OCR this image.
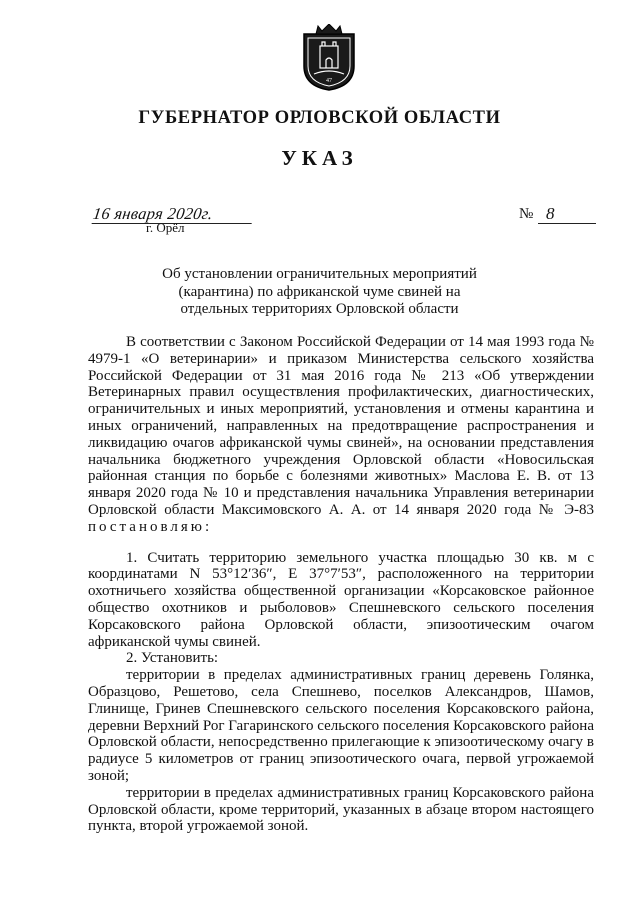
47
ГУБЕРНАТОР ОРЛОВСКОЙ ОБЛАСТИ
УКАЗ
16 января 2020г.
г. Орёл
№ 8
Об установлении ограничительных мероприятий (карантина) по африканской чуме свиней на отдельных территориях Орловской области

В соответствии с Законом Российской Федерации от 14 мая 1993 года № 4979-1 «О ветеринарии» и приказом Министерства сельского хозяйства Российской Федерации от 31 мая 2016 года № 213 «Об утверждении Ветеринарных правил осуществления профилактических, диагностических, ограничительных и иных мероприятий, установления и отмены карантина и иных ограничений, направленных на предотвращение распространения и ликвидацию очагов африканской чумы свиней», на основании представления начальника бюджетного учреждения Орловской области «Новосильская районная станция по борьбе с болезнями животных» Маслова Е. В. от 13 января 2020 года № 10 и представления начальника Управления ветеринарии Орловской области Максимовского А. А. от 14 января 2020 года № Э-83 постановляю:

1. Считать территорию земельного участка площадью 30 кв. м с координатами N 53°12′36″, E 37°7′53″, расположенного на территории охотничьего хозяйства общественной организации «Корсаковское районное общество охотников и рыболовов» Спешневского сельского поселения Корсаковского района Орловской области, эпизоотическим очагом африканской чумы свиней.

2. Установить:

территории в пределах административных границ деревень Голянка, Образцово, Решетово, села Спешнево, поселков Александров, Шамов, Глинище, Гринев Спешневского сельского поселения Корсаковского района, деревни Верхний Рог Гагаринского сельского поселения Корсаковского района Орловской области, непосредственно прилегающие к эпизоотическому очагу в радиусе 5 километров от границ эпизоотического очага, первой угрожаемой зоной;

территории в пределах административных границ Корсаковского района Орловской области, кроме территорий, указанных в абзаце втором настоящего пункта, второй угрожаемой зоной.
